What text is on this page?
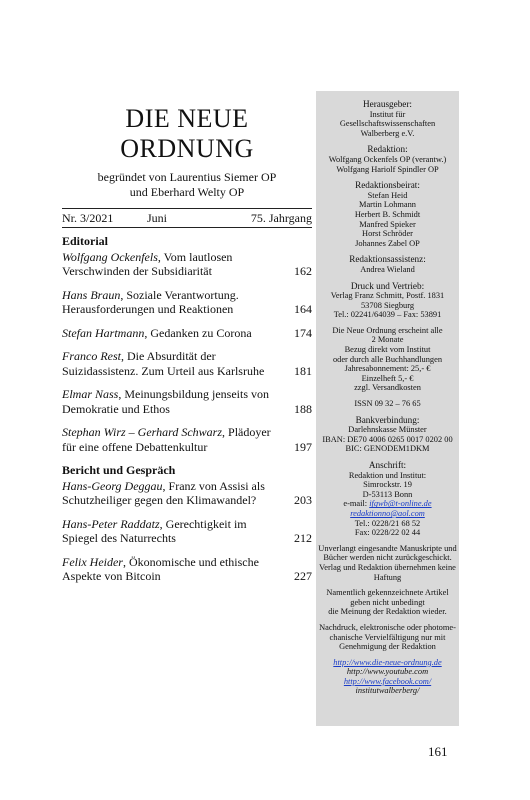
DIE NEUE
ORDNUNG
begründet von Laurentius Siemer OP
und Eberhard Welty OP
Nr. 3/2021	Juni	75. Jahrgang
Editorial
Wolfgang Ockenfels, Vom lautlosen Verschwinden der Subsidiarität	162
Hans Braun, Soziale Verantwortung. Herausforderungen und Reaktionen	164
Stefan Hartmann, Gedanken zu Corona	174
Franco Rest, Die Absurdität der Suizidassistenz. Zum Urteil aus Karlsruhe 181
Elmar Nass, Meinungsbildung jenseits von Demokratie und Ethos	188
Stephan Wirz – Gerhard Schwarz, Plädoyer für eine offene Debattenkultur	197
Bericht und Gespräch
Hans-Georg Deggau, Franz von Assisi als Schutzheiliger gegen den Klimawandel?	203
Hans-Peter Raddatz, Gerechtigkeit im Spiegel des Naturrechts	212
Felix Heider, Ökonomische und ethische Aspekte von Bitcoin	227
Herausgeber:
Institut für
Gesellschaftswissenschaften
Walberberg e.V.
Redaktion:
Wolfgang Ockenfels OP (verantw.)
Wolfgang Hariolf Spindler OP
Redaktionsbeirat:
Stefan Heid
Martin Lohmann
Herbert B. Schmidt
Manfred Spieker
Horst Schröder
Johannes Zabel OP
Redaktionsassistenz:
Andrea Wieland
Druck und Vertrieb:
Verlag Franz Schmitt, Postf. 1831
53708 Siegburg
Tel.: 02241/64039 – Fax: 53891
Die Neue Ordnung erscheint alle
2 Monate
Bezug direkt vom Institut
oder durch alle Buchhandlungen
Jahresabonnement: 25,- €
Einzelheft 5,- €
zzgl. Versandkosten
ISSN 09 32 – 76 65
Bankverbindung:
Darlehnskasse Münster
IBAN: DE70 4006 0265 0017 0202 00
BIC: GENODEM1DKM
Anschrift:
Redaktion und Institut:
Simrockstr. 19
D-53113 Bonn
e-mail: ifgwb@t-online.de
redaktionno@aol.com
Tel.: 0228/21 68 52
Fax: 0228/22 02 44
Unverlangt eingesandte Manuskripte und
Bücher werden nicht zurückgeschickt.
Verlag und Redaktion übernehmen keine
Haftung
Namentlich gekennzeichnete Artikel
geben nicht unbedingt
die Meinung der Redaktion wieder.
Nachdruck, elektronische oder photome-
chanische Vervielfältigung nur mit
Genehmigung der Redaktion
http://www.die-neue-ordnung.de
http://www.youtube.com
http://www.facebook.com/
institutwalberberg/
161
